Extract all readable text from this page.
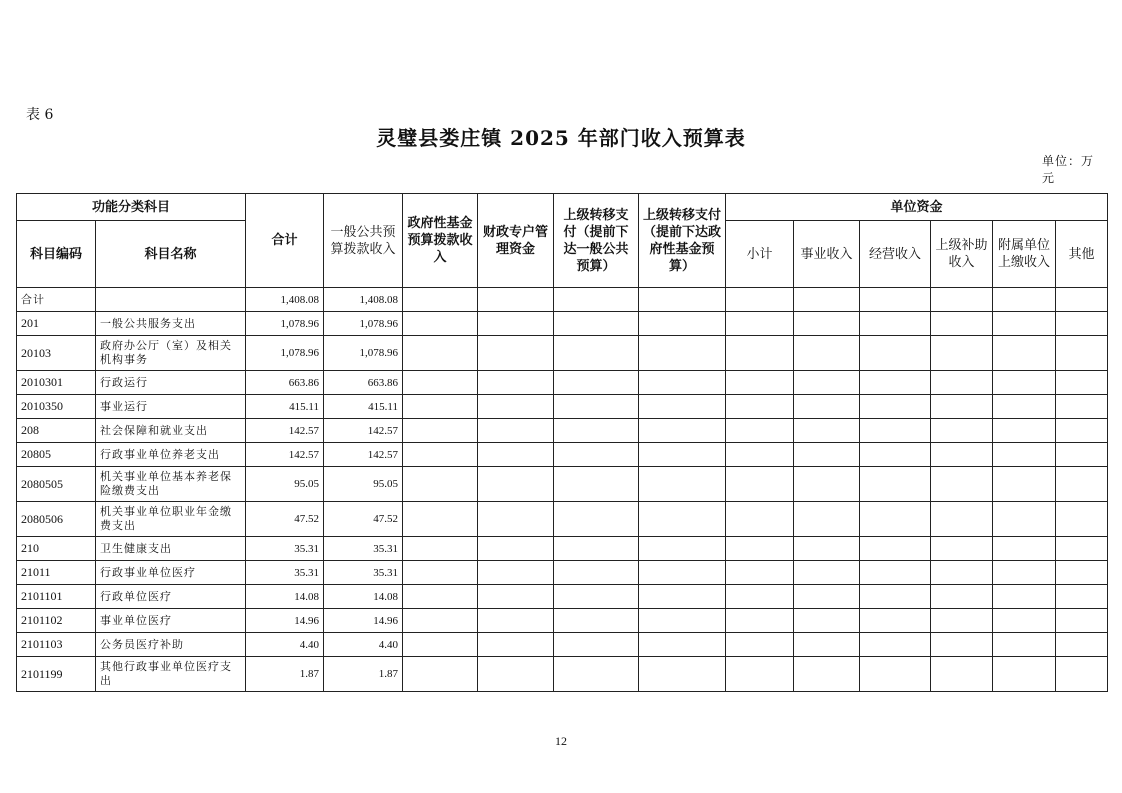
表 6
灵璧县娄庄镇 2025 年部门收入预算表
单位：万元
功能分类科目		合计	一般公共预算拨款收入	政府性基金预算拨款收入	财政专户管理资金	上级转移支付（提前下达一般公共预算）	上级转移支付（提前下达政府性基金预算）	单位资金					
科目编码	科目名称							小计	事业收入	经营收入	上级补助收入	附属单位上缴收入	其他
合计		1,408.08	1,408.08										
201	一般公共服务支出	1,078.96	1,078.96										
20103	政府办公厅（室）及相关机构事务	1,078.96	1,078.96										
2010301	行政运行	663.86	663.86										
2010350	事业运行	415.11	415.11										
208	社会保障和就业支出	142.57	142.57										
20805	行政事业单位养老支出	142.57	142.57										
2080505	机关事业单位基本养老保险缴费支出	95.05	95.05										
2080506	机关事业单位职业年金缴费支出	47.52	47.52										
210	卫生健康支出	35.31	35.31										
21011	行政事业单位医疗	35.31	35.31										
2101101	行政单位医疗	14.08	14.08										
2101102	事业单位医疗	14.96	14.96										
2101103	公务员医疗补助	4.40	4.40										
2101199	其他行政事业单位医疗支出	1.87	1.87										
12
